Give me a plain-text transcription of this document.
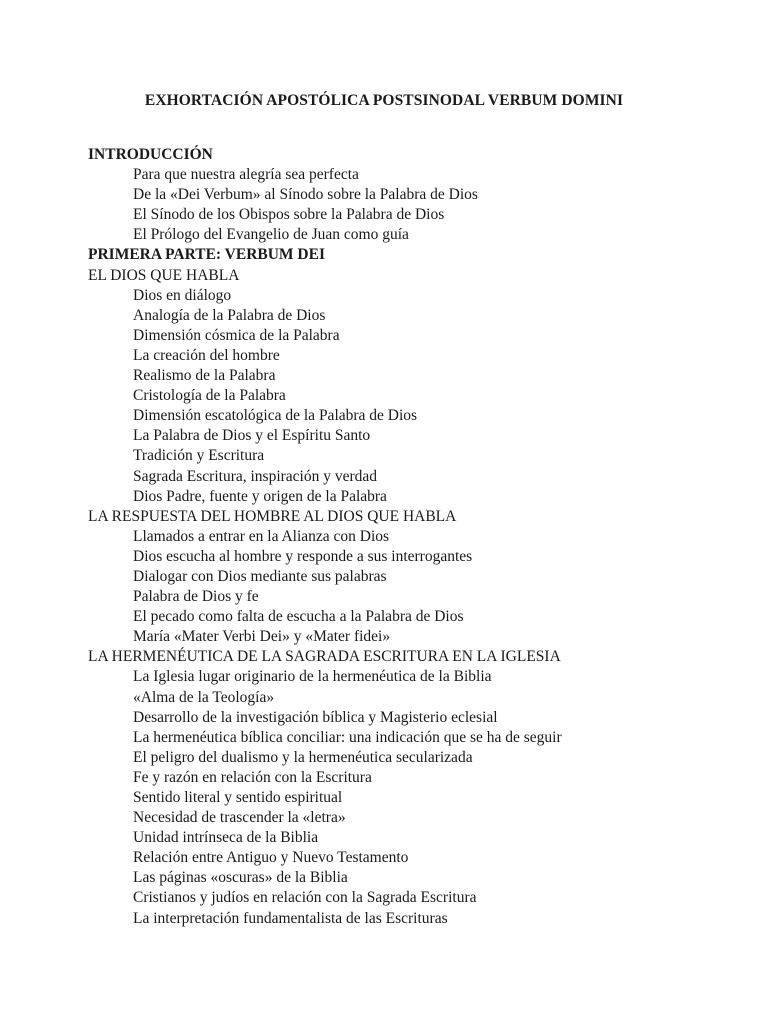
EXHORTACIÓN APOSTÓLICA POSTSINODAL VERBUM DOMINI
INTRODUCCIÓN
Para que nuestra alegría sea perfecta
De la «Dei Verbum» al Sínodo sobre la Palabra de Dios
El Sínodo de los Obispos sobre la Palabra de Dios
El Prólogo del Evangelio de Juan como guía
PRIMERA PARTE: VERBUM DEI
EL DIOS QUE HABLA
Dios en diálogo
Analogía de la Palabra de Dios
Dimensión cósmica de la Palabra
La creación del hombre
Realismo de la Palabra
Cristología de la Palabra
Dimensión escatológica de la Palabra de Dios
La Palabra de Dios y el Espíritu Santo
Tradición y Escritura
Sagrada Escritura, inspiración y verdad
Dios Padre, fuente y origen de la Palabra
LA RESPUESTA DEL HOMBRE AL DIOS QUE HABLA
Llamados a entrar en la Alianza con Dios
Dios escucha al hombre y responde a sus interrogantes
Dialogar con Dios mediante sus palabras
Palabra de Dios y fe
El pecado como falta de escucha a la Palabra de Dios
María «Mater Verbi Dei» y «Mater fidei»
LA HERMENÉUTICA DE LA SAGRADA ESCRITURA EN LA IGLESIA
La Iglesia lugar originario de la hermenéutica de la Biblia
«Alma de la Teología»
Desarrollo de la investigación bíblica y Magisterio eclesial
La hermenéutica bíblica conciliar: una indicación que se ha de seguir
El peligro del dualismo y la hermenéutica secularizada
Fe y razón en relación con la Escritura
Sentido literal y sentido espiritual
Necesidad de trascender la «letra»
Unidad intrínseca de la Biblia
Relación entre Antiguo y Nuevo Testamento
Las páginas «oscuras» de la Biblia
Cristianos y judíos en relación con la Sagrada Escritura
La interpretación fundamentalista de las Escrituras
